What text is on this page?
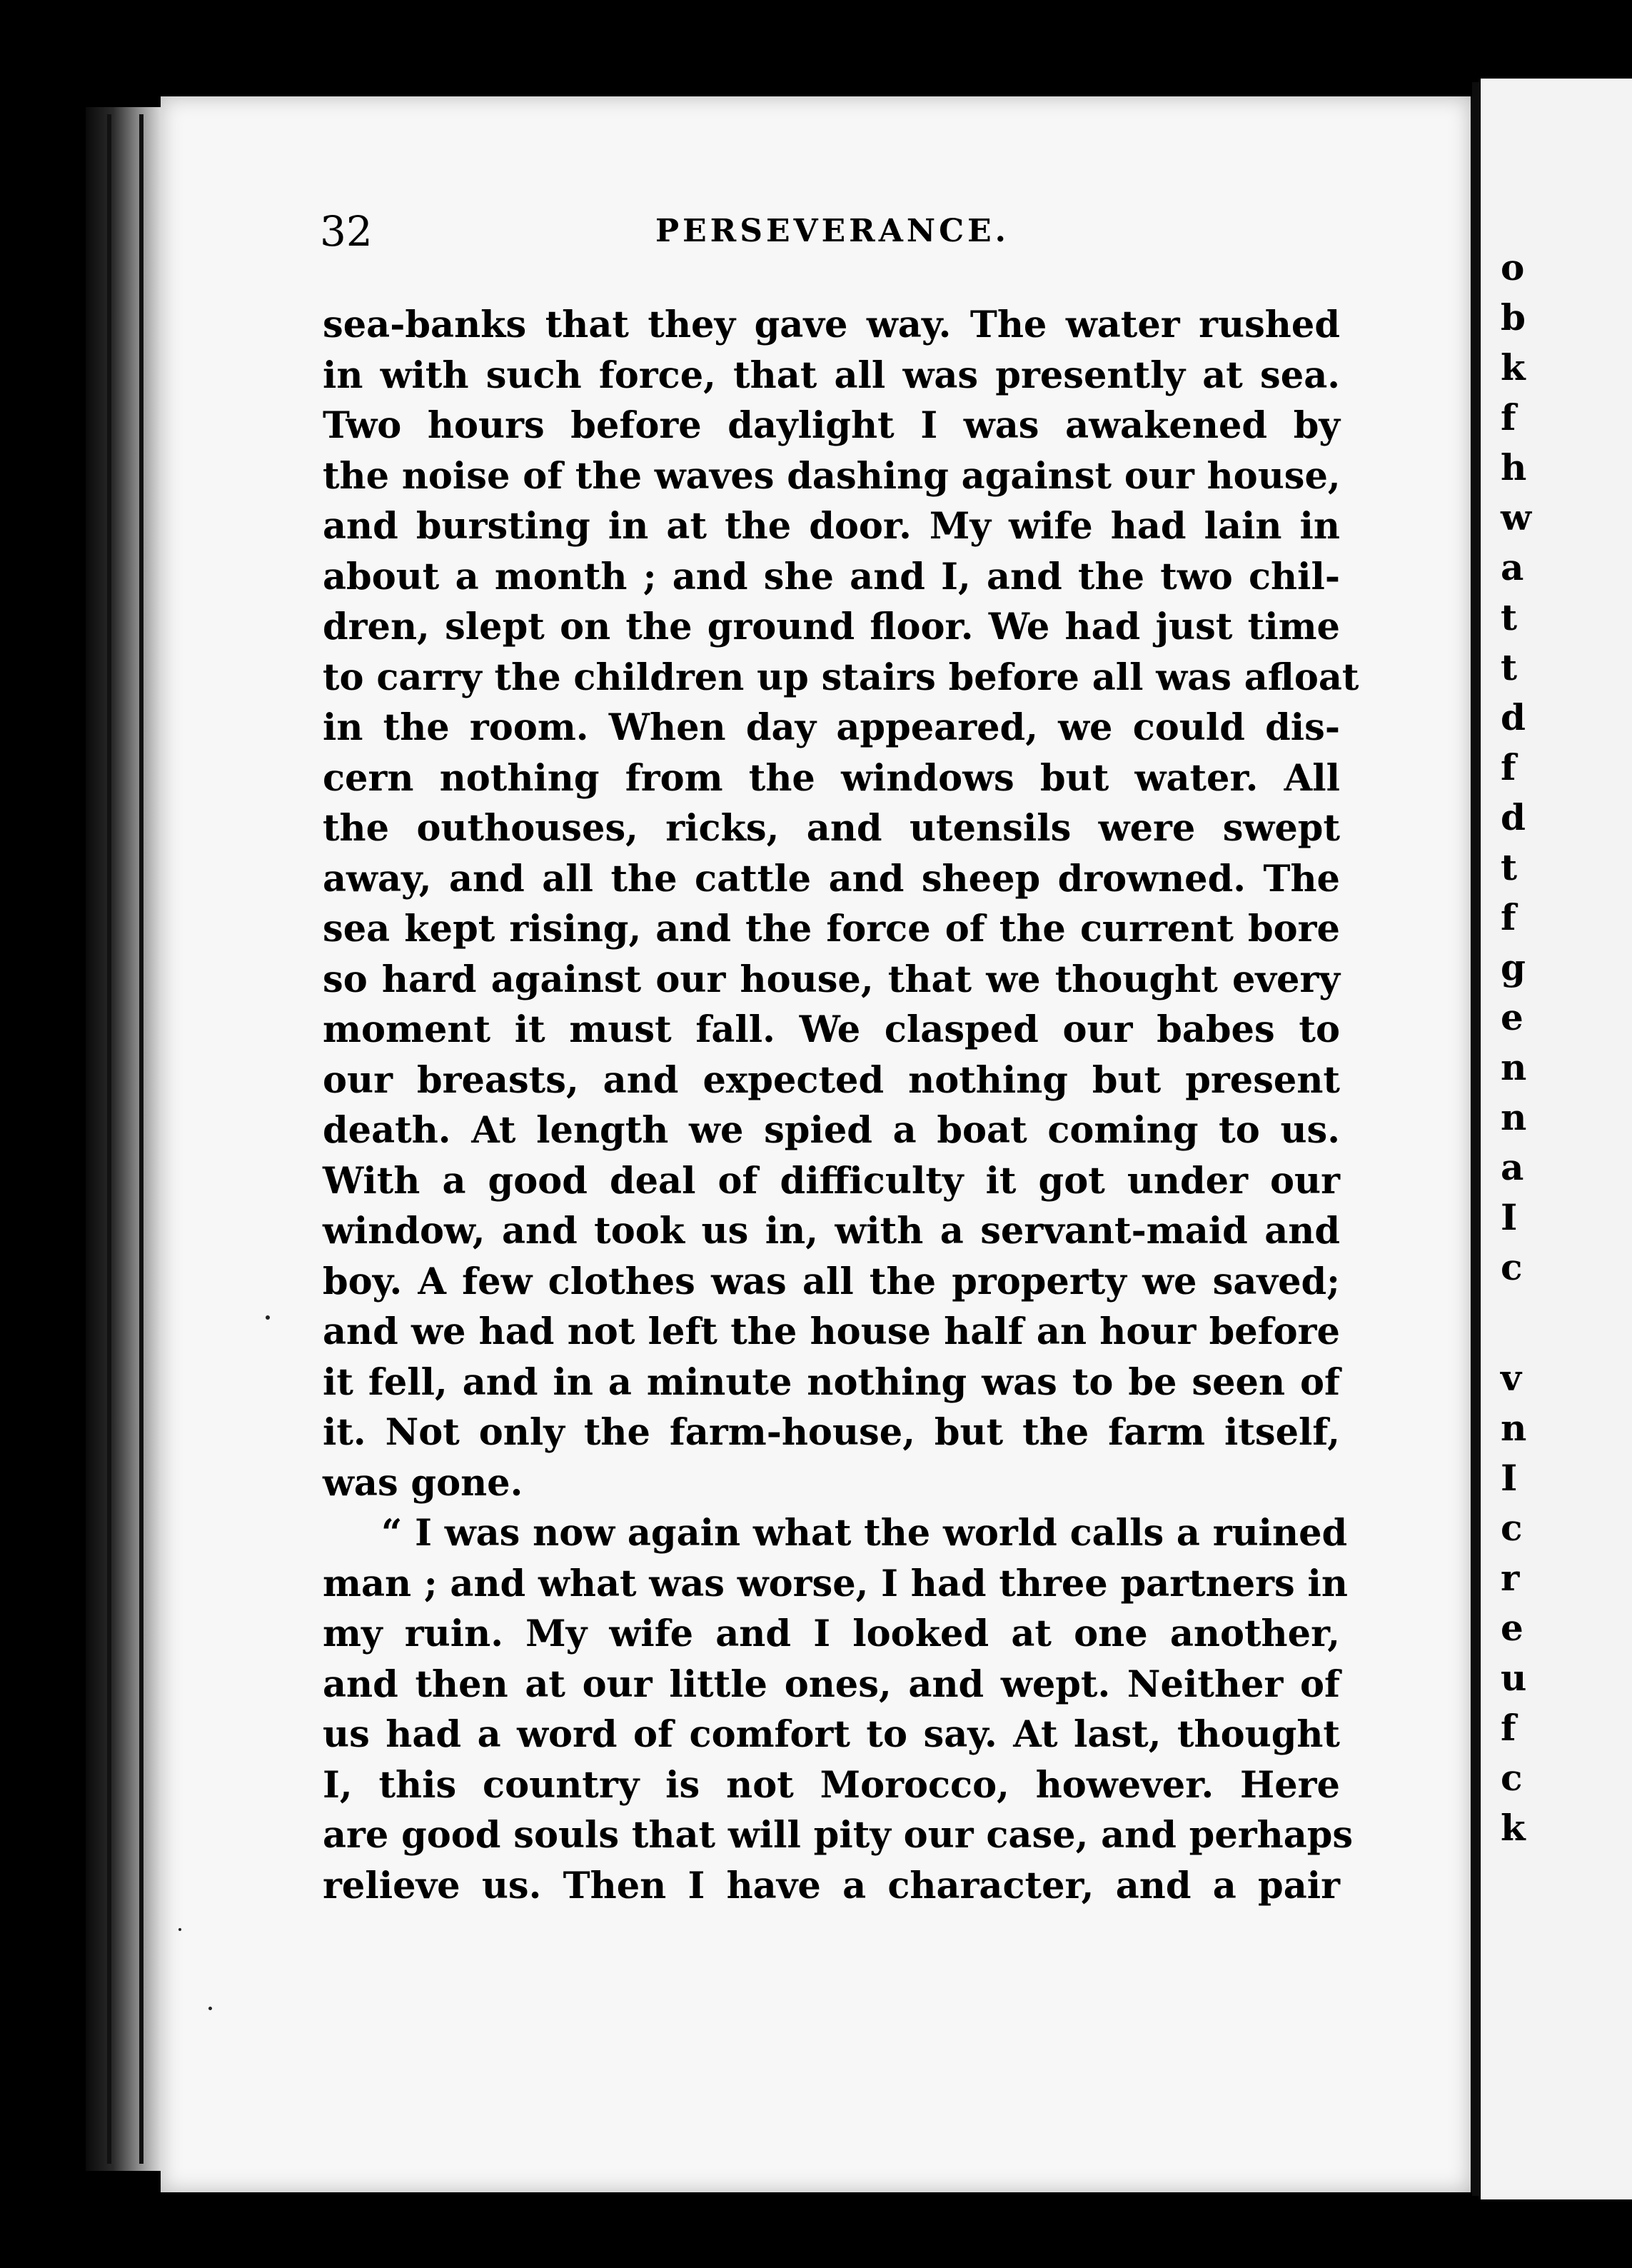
o
b
k
f
h
w
a
t
t
d
f
d
t
f
g
e
n
n
a
I
c
v
n
I
c
r
e
u
f
c
k
32	PERSEVERANCE.
sea-banks that they gave way. The water rushed
in with such force, that all was presently at sea.
Two hours before daylight I was awakened by
the noise of the waves dashing against our house,
and bursting in at the door. My wife had lain in
about a month ; and she and I, and the two chil-
dren, slept on the ground floor. We had just time
to carry the children up stairs before all was afloat
in the room. When day appeared, we could dis-
cern nothing from the windows but water. All
the outhouses, ricks, and utensils were swept
away, and all the cattle and sheep drowned. The
sea kept rising, and the force of the current bore
so hard against our house, that we thought every
moment it must fall. We clasped our babes to
our breasts, and expected nothing but present
death. At length we spied a boat coming to us.
With a good deal of difficulty it got under our
window, and took us in, with a servant-maid and
boy. A few clothes was all the property we saved;
and we had not left the house half an hour before
it fell, and in a minute nothing was to be seen of
it. Not only the farm-house, but the farm itself,
was gone.
“ I was now again what the world calls a ruined
man ; and what was worse, I had three partners in
my ruin. My wife and I looked at one another,
and then at our little ones, and wept. Neither of
us had a word of comfort to say. At last, thought
I, this country is not Morocco, however. Here
are good souls that will pity our case, and perhaps
relieve us. Then I have a character, and a pair
